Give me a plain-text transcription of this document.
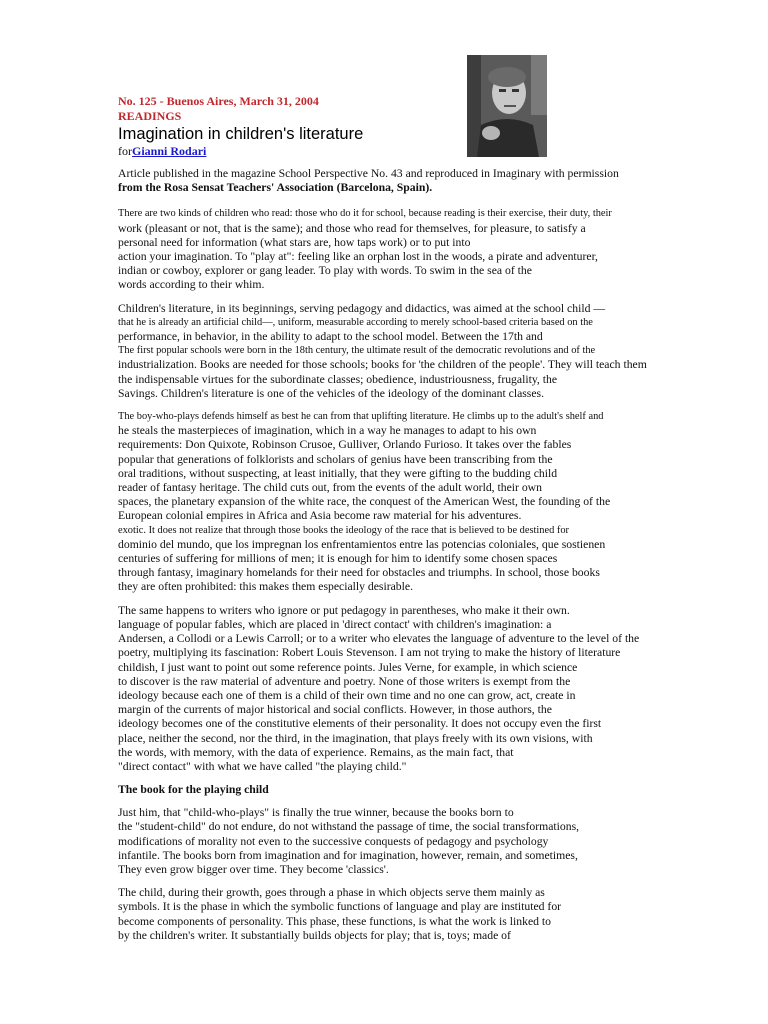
No. 125 - Buenos Aires, March 31, 2004
READINGS
Imagination in children's literature
forGianni Rodari

Article published in the magazine School Perspective No. 43 and reproduced in Imaginary with permission
from the Rosa Sensat Teachers' Association (Barcelona, Spain).

There are two kinds of children who read: those who do it for school, because reading is their exercise, their duty, their
work (pleasant or not, that is the same); and those who read for themselves, for pleasure, to satisfy a
personal need for information (what stars are, how taps work) or to put into
action your imagination. To "play at": feeling like an orphan lost in the woods, a pirate and adventurer,
indian or cowboy, explorer or gang leader. To play with words. To swim in the sea of the
words according to their whim.

Children's literature, in its beginnings, serving pedagogy and didactics, was aimed at the school child —
that he is already an artificial child—, uniform, measurable according to merely school-based criteria based on the
performance, in behavior, in the ability to adapt to the school model. Between the 17th and
The first popular schools were born in the 18th century, the ultimate result of the democratic revolutions and of the
industrialization. Books are needed for those schools; books for 'the children of the people'. They will teach them
the indispensable virtues for the subordinate classes; obedience, industriousness, frugality, the
Savings. Children's literature is one of the vehicles of the ideology of the dominant classes.

The boy-who-plays defends himself as best he can from that uplifting literature. He climbs up to the adult's shelf and
he steals the masterpieces of imagination, which in a way he manages to adapt to his own
requirements: Don Quixote, Robinson Crusoe, Gulliver, Orlando Furioso. It takes over the fables
popular that generations of folklorists and scholars of genius have been transcribing from the
oral traditions, without suspecting, at least initially, that they were gifting to the budding child
reader of fantasy heritage. The child cuts out, from the events of the adult world, their own
spaces, the planetary expansion of the white race, the conquest of the American West, the founding of the
European colonial empires in Africa and Asia become raw material for his adventures.
exotic. It does not realize that through those books the ideology of the race that is believed to be destined for
dominio del mundo, que los impregnan los enfrentamientos entre las potencias coloniales, que sostienen
centuries of suffering for millions of men; it is enough for him to identify some chosen spaces
through fantasy, imaginary homelands for their need for obstacles and triumphs. In school, those books
they are often prohibited: this makes them especially desirable.

The same happens to writers who ignore or put pedagogy in parentheses, who make it their own.
language of popular fables, which are placed in 'direct contact' with children's imagination: a
Andersen, a Collodi or a Lewis Carroll; or to a writer who elevates the language of adventure to the level of the
poetry, multiplying its fascination: Robert Louis Stevenson. I am not trying to make the history of literature
childish, I just want to point out some reference points. Jules Verne, for example, in which science
to discover is the raw material of adventure and poetry. None of those writers is exempt from the
ideology because each one of them is a child of their own time and no one can grow, act, create in
margin of the currents of major historical and social conflicts. However, in those authors, the
ideology becomes one of the constitutive elements of their personality. It does not occupy even the first
place, neither the second, nor the third, in the imagination, that plays freely with its own visions, with
the words, with memory, with the data of experience. Remains, as the main fact, that
"direct contact" with what we have called "the playing child."

The book for the playing child

Just him, that "child-who-plays" is finally the true winner, because the books born to
the "student-child" do not endure, do not withstand the passage of time, the social transformations,
modifications of morality not even to the successive conquests of pedagogy and psychology
infantile. The books born from imagination and for imagination, however, remain, and sometimes,
They even grow bigger over time. They become 'classics'.

The child, during their growth, goes through a phase in which objects serve them mainly as
symbols. It is the phase in which the symbolic functions of language and play are instituted for
become components of personality. This phase, these functions, is what the work is linked to
by the children's writer. It substantially builds objects for play; that is, toys; made of
